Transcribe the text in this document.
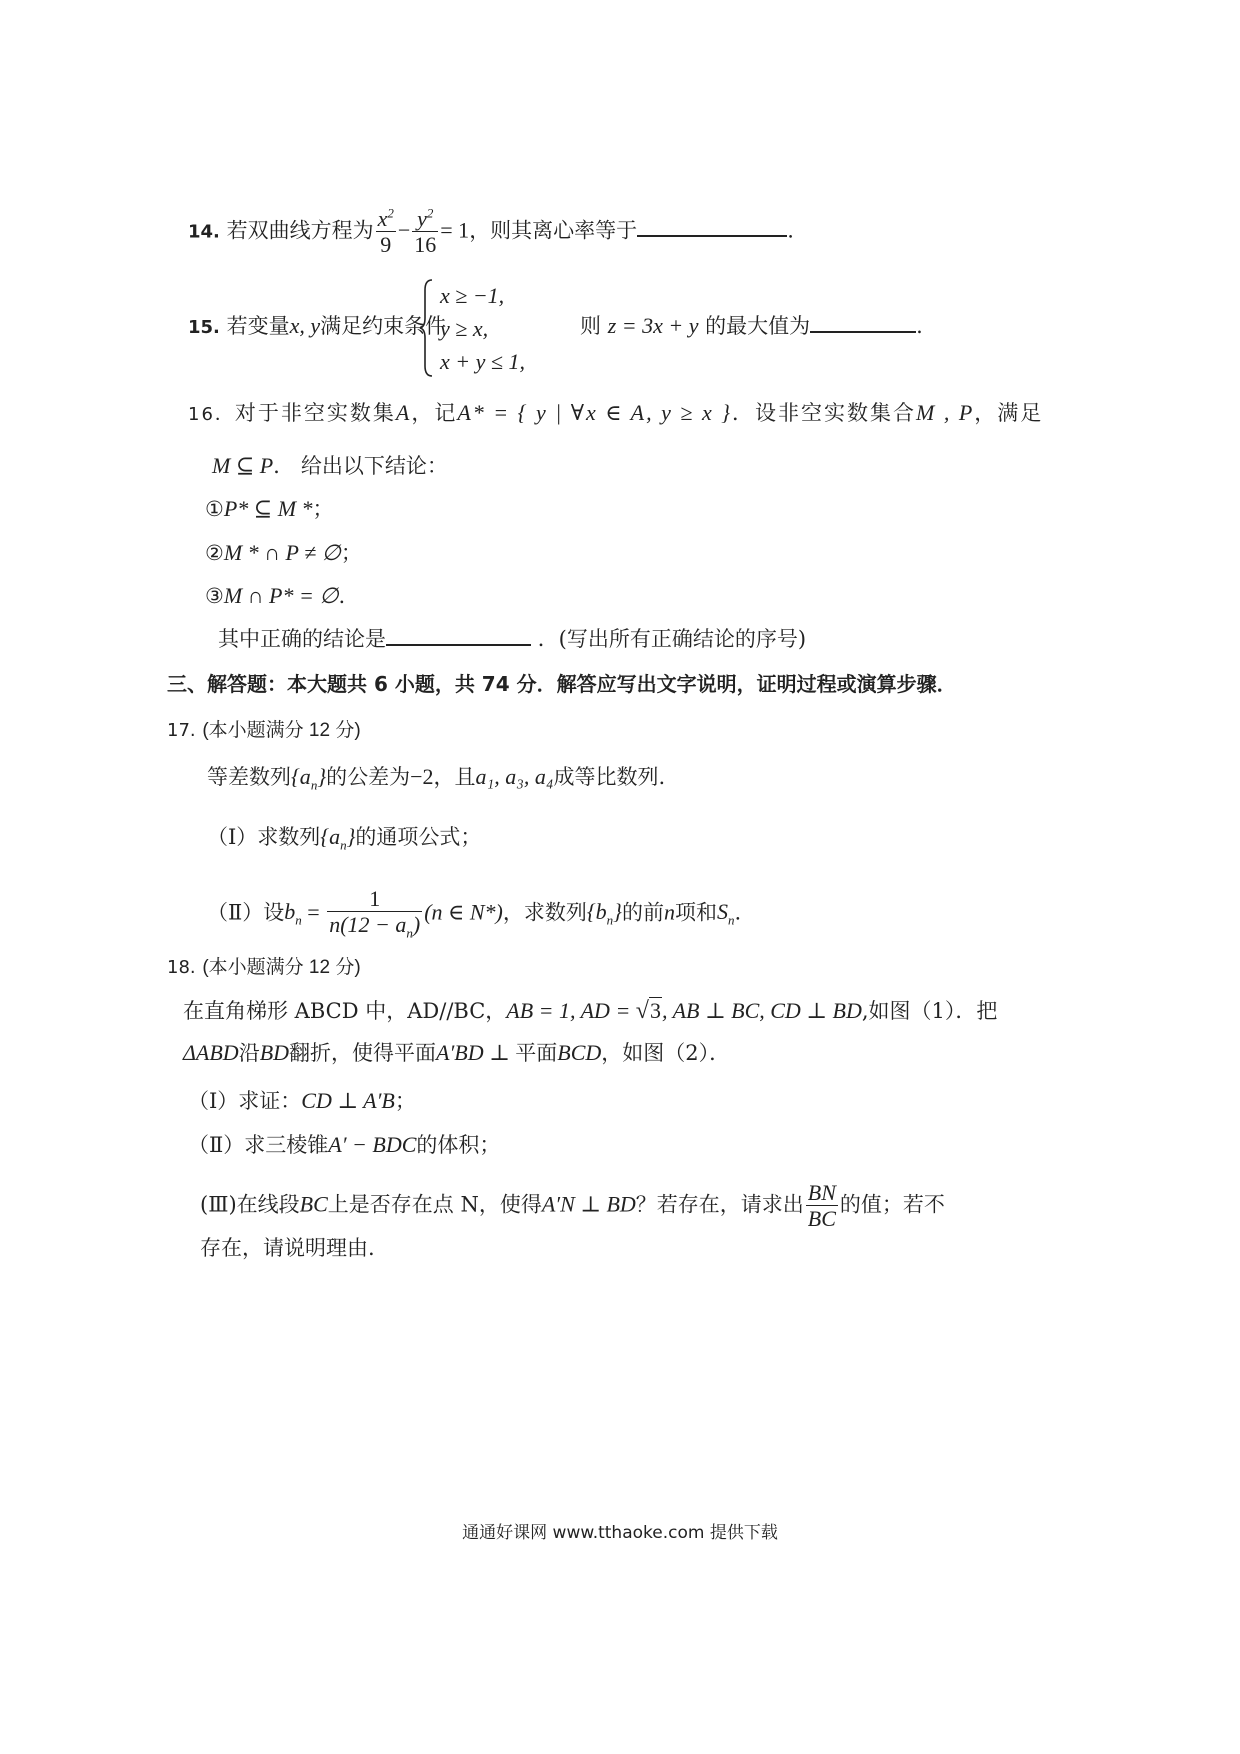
14. 若双曲线方程为 $\frac{x^2}{9} - \frac{y^2}{16} = 1$，则其离心率等于	.
15. 若变量x, y满足约束条件
x ≥ −1,
y ≥ x,
x + y ≤ 1,
则 z = 3x + y 的最大值为	.
16．对于非空实数集A，记A* = { y | ∀x ∈ A, y ≥ x }．设非空实数集合M , P，满足
M ⊆ P． 给出以下结论：
①P* ⊆ M *；
②M * ∩ P ≠ ∅；
③M ∩ P* = ∅.
其中正确的结论是	．(写出所有正确结论的序号)
三、解答题：本大题共 6 小题，共 74 分．解答应写出文字说明，证明过程或演算步骤．
17. (本小题满分 12 分)
等差数列$\{a_n\}$的公差为−2，且a₁, a₃, a₄成等比数列.
（Ⅰ）求数列$\{a_n\}$的通项公式；
（Ⅱ）设$b_n = \frac{1}{n(12 - a_n)} (n$ ∈ N*)，求数列$\{b_n\}$的前n项和$S_n$.
18. (本小题满分 12 分)
在直角梯形 ABCD 中，AD//BC，AB = 1, AD = √3, AB ⊥ BC, CD ⊥ BD,如图（1）．把
ΔABD沿BD翻折，使得平面A′BD ⊥ 平面BCD，如图（2）．
（Ⅰ）求证：CD ⊥ A′B；
（Ⅱ）求三棱锥A′ − BDC的体积；
(Ⅲ)在线段BC上是否存在点 N，使得A′N ⊥ BD？若存在，请求出 $\frac{BN}{BC}$ 的值；若不
存在，请说明理由.
通通好课网 www.tthaoke.com 提供下载
